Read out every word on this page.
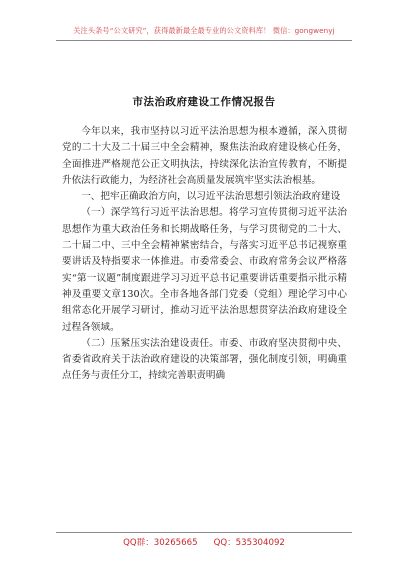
关注头条号“公文研究”，获得最新最全最专业的公文资料库！ 微信：gongwenyj
市法治政府建设工作情况报告

今年以来，我市坚持以习近平法治思想为根本遵循，深入贯彻党的二十大及二十届三中全会精神，聚焦法治政府建设核心任务，全面推进严格规范公正文明执法，持续深化法治宣传教育，不断提升依法行政能力，为经济社会高质量发展筑牢坚实法治根基。

一、把牢正确政治方向，以习近平法治思想引领法治政府建设

（一）深学笃行习近平法治思想。将学习宣传贯彻习近平法治思想作为重大政治任务和长期战略任务，与学习贯彻党的二十大、二十届二中、三中全会精神紧密结合，与落实习近平总书记视察重要讲话及特指要求一体推进。市委常委会、市政府常务会议严格落实“第一议题”制度跟进学习习近平总书记重要讲话重要指示批示精神及重要文章130次。全市各地各部门党委（党组）理论学习中心组常态化开展学习研讨，推动习近平法治思想贯穿法治政府建设全过程各领域。

（二）压紧压实法治建设责任。市委、市政府坚决贯彻中央、省委省政府关于法治政府建设的决策部署，强化制度引领，明确重点任务与责任分工，持续完善职责明确

QQ群：30265665 QQ：535304092
